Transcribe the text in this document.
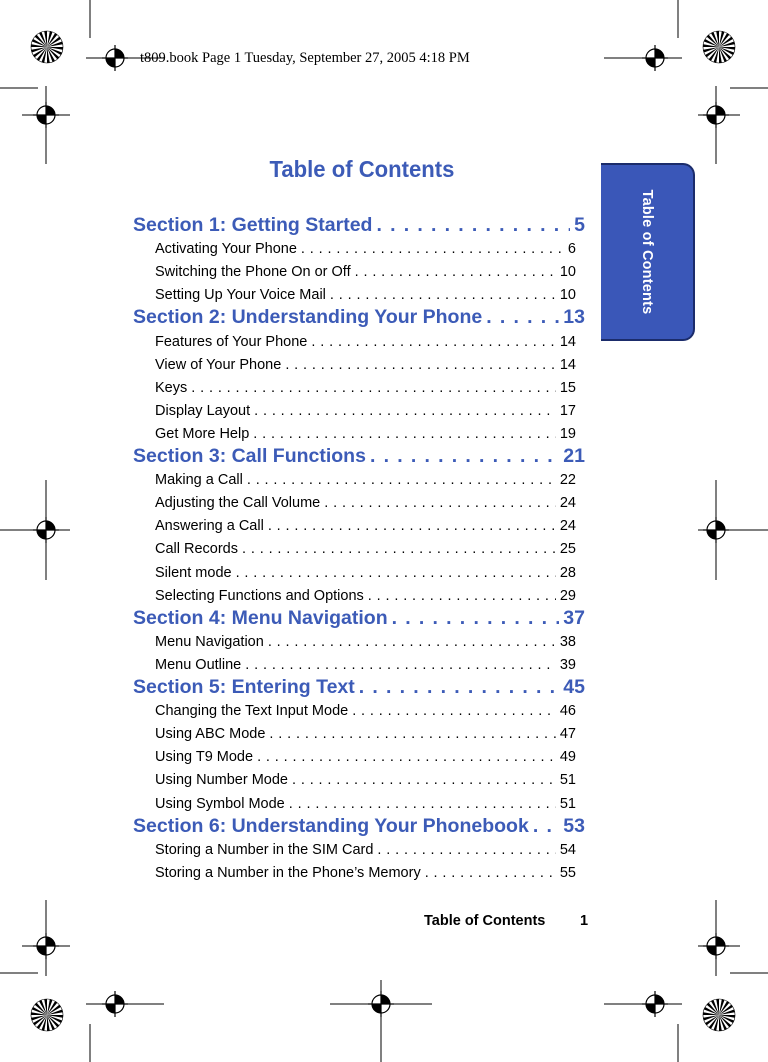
t809.book Page 1 Tuesday, September 27, 2005 4:18 PM
Table of Contents
Table of Contents
Section 1: Getting Started . . .	5
Activating Your Phone . . .	6
Switching the Phone On or Off . . .	10
Setting Up Your Voice Mail . . .	10
Section 2: Understanding Your Phone . . .	13
Features of Your Phone . . .	14
View of Your Phone . . .	14
Keys . . .	15
Display Layout . . .	17
Get More Help . . .	19
Section 3: Call Functions . . .	21
Making a Call . . .	22
Adjusting the Call Volume . . .	24
Answering a Call . . .	24
Call Records . . .	25
Silent mode . . .	28
Selecting Functions and Options . . .	29
Section 4: Menu Navigation . . .	37
Menu Navigation . . .	38
Menu Outline . . .	39
Section 5: Entering Text . . .	45
Changing the Text Input Mode . . .	46
Using ABC Mode . . .	47
Using T9 Mode . . .	49
Using Number Mode . . .	51
Using Symbol Mode . . .	51
Section 6: Understanding Your Phonebook . . . 53
Storing a Number in the SIM Card . . .	54
Storing a Number in the Phone’s Memory . . .	55
Table of Contents 1
